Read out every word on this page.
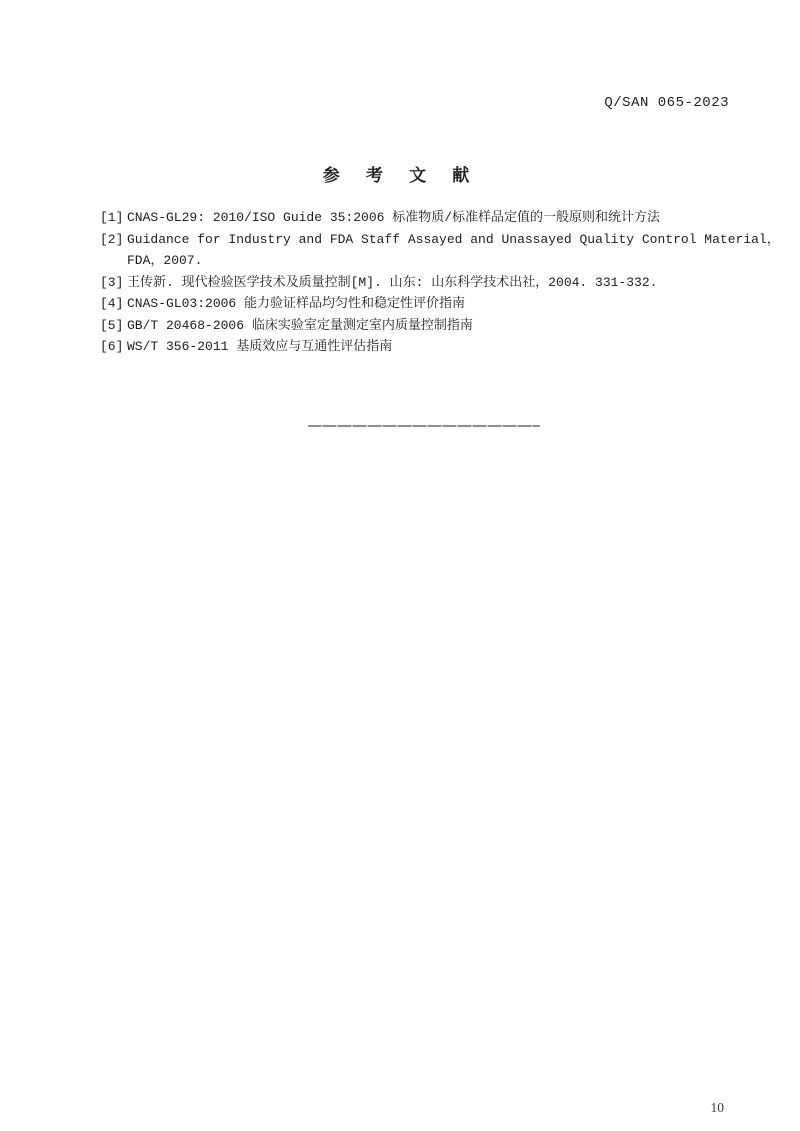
Q/SAN 065-2023
参 考 文 献
[1] CNAS-GL29: 2010/ISO Guide 35:2006 标准物质/标准样品定值的一般原则和统计方法
[2] Guidance for Industry and FDA Staff Assayed and Unassayed Quality Control Material，
FDA，2007.
[3] 王传新. 现代检验医学技术及质量控制[M]. 山东: 山东科学技术出社，2004. 331-332.
[4] CNAS-GL03:2006 能力验证样品均匀性和稳定性评价指南
[5] GB/T 20468-2006 临床实验室定量测定室内质量控制指南
[6] WS/T 356-2011 基质效应与互通性评估指南
10
